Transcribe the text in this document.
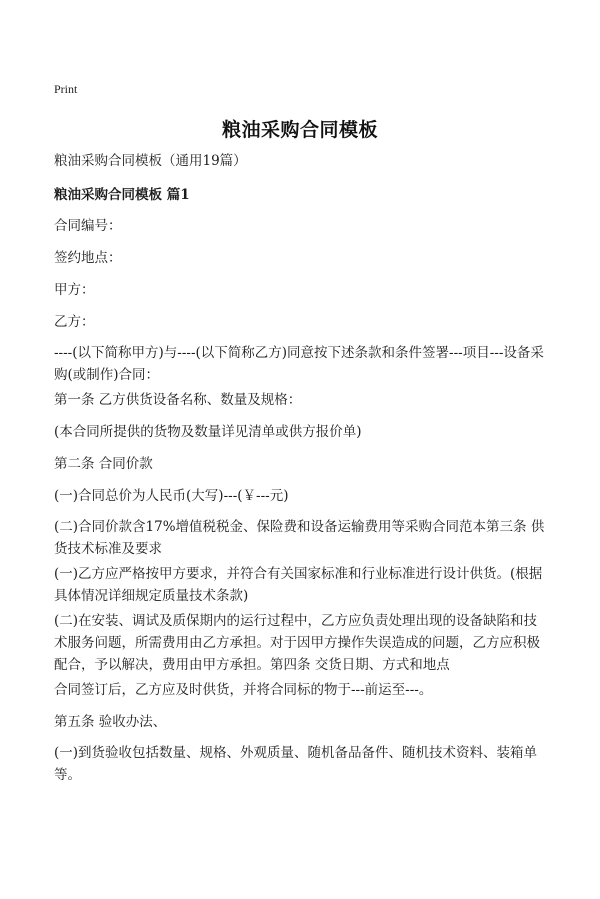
Print
粮油采购合同模板

粮油采购合同模板（通用19篇）

粮油采购合同模板 篇1

合同编号：

签约地点：

甲方：

乙方：

----(以下简称甲方)与----(以下简称乙方)同意按下述条款和条件签署---项目---设备采购(或制作)合同：

第一条 乙方供货设备名称、数量及规格：

(本合同所提供的货物及数量详见清单或供方报价单)

第二条 合同价款

(一)合同总价为人民币(大写)---(￥---元)

(二)合同价款含17%增值税税金、保险费和设备运输费用等采购合同范本第三条 供货技术标准及要求

(一)乙方应严格按甲方要求，并符合有关国家标准和行业标准进行设计供货。(根据具体情况详细规定质量技术条款)

(二)在安装、调试及质保期内的运行过程中，乙方应负责处理出现的设备缺陷和技术服务问题，所需费用由乙方承担。对于因甲方操作失误造成的问题，乙方应积极配合，予以解决，费用由甲方承担。第四条 交货日期、方式和地点

合同签订后，乙方应及时供货，并将合同标的物于---前运至---。

第五条 验收办法、

(一)到货验收包括数量、规格、外观质量、随机备品备件、随机技术资料、装箱单等。
